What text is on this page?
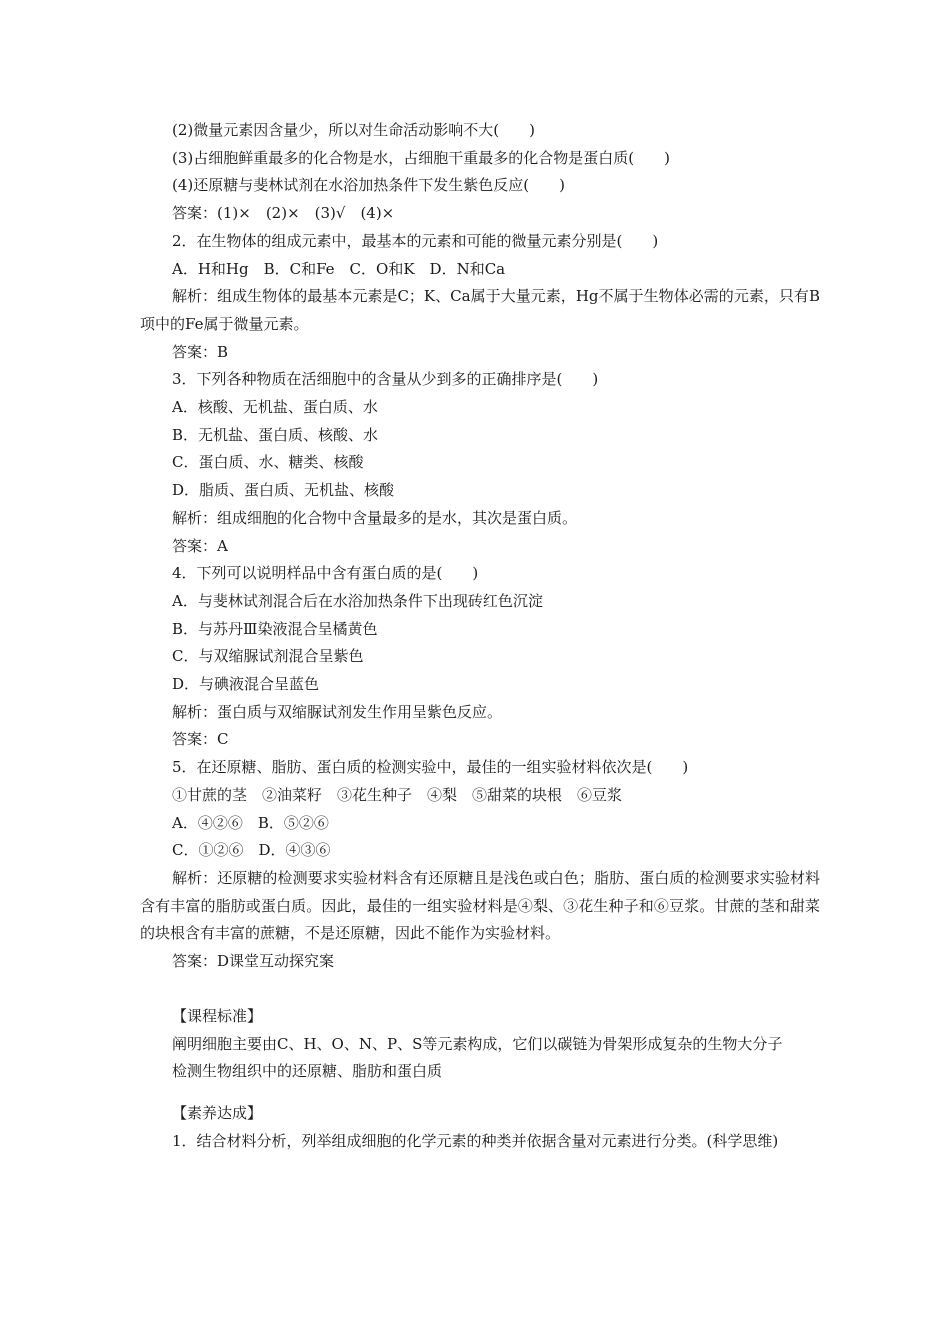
(2)微量元素因含量少，所以对生命活动影响不大(　　)

(3)占细胞鲜重最多的化合物是水，占细胞干重最多的化合物是蛋白质(　　)

(4)还原糖与斐林试剂在水浴加热条件下发生紫色反应(　　)

答案：(1)×　(2)×　(3)√　(4)×

2．在生物体的组成元素中，最基本的元素和可能的微量元素分别是(　　)

A．H和Hg　B．C和Fe　C．O和K　D．N和Ca

解析：组成生物体的最基本元素是C；K、Ca属于大量元素，Hg不属于生物体必需的元素，只有B项中的Fe属于微量元素。

答案：B

3．下列各种物质在活细胞中的含量从少到多的正确排序是(　　)

A．核酸、无机盐、蛋白质、水

B．无机盐、蛋白质、核酸、水

C．蛋白质、水、糖类、核酸

D．脂质、蛋白质、无机盐、核酸

解析：组成细胞的化合物中含量最多的是水，其次是蛋白质。

答案：A

4．下列可以说明样品中含有蛋白质的是(　　)

A．与斐林试剂混合后在水浴加热条件下出现砖红色沉淀

B．与苏丹Ⅲ染液混合呈橘黄色

C．与双缩脲试剂混合呈紫色

D．与碘液混合呈蓝色

解析：蛋白质与双缩脲试剂发生作用呈紫色反应。

答案：C

5．在还原糖、脂肪、蛋白质的检测实验中，最佳的一组实验材料依次是(　　)

①甘蔗的茎　②油菜籽　③花生种子　④梨　⑤甜菜的块根　⑥豆浆

A．④②⑥　B．⑤②⑥

C．①②⑥　D．④③⑥

解析：还原糖的检测要求实验材料含有还原糖且是浅色或白色；脂肪、蛋白质的检测要求实验材料含有丰富的脂肪或蛋白质。因此，最佳的一组实验材料是④梨、③花生种子和⑥豆浆。甘蔗的茎和甜菜的块根含有丰富的蔗糖，不是还原糖，因此不能作为实验材料。

答案：D课堂互动探究案

【课程标准】

阐明细胞主要由C、H、O、N、P、S等元素构成，它们以碳链为骨架形成复杂的生物大分子

检测生物组织中的还原糖、脂肪和蛋白质

【素养达成】

1．结合材料分析，列举组成细胞的化学元素的种类并依据含量对元素进行分类。(科学思维)
